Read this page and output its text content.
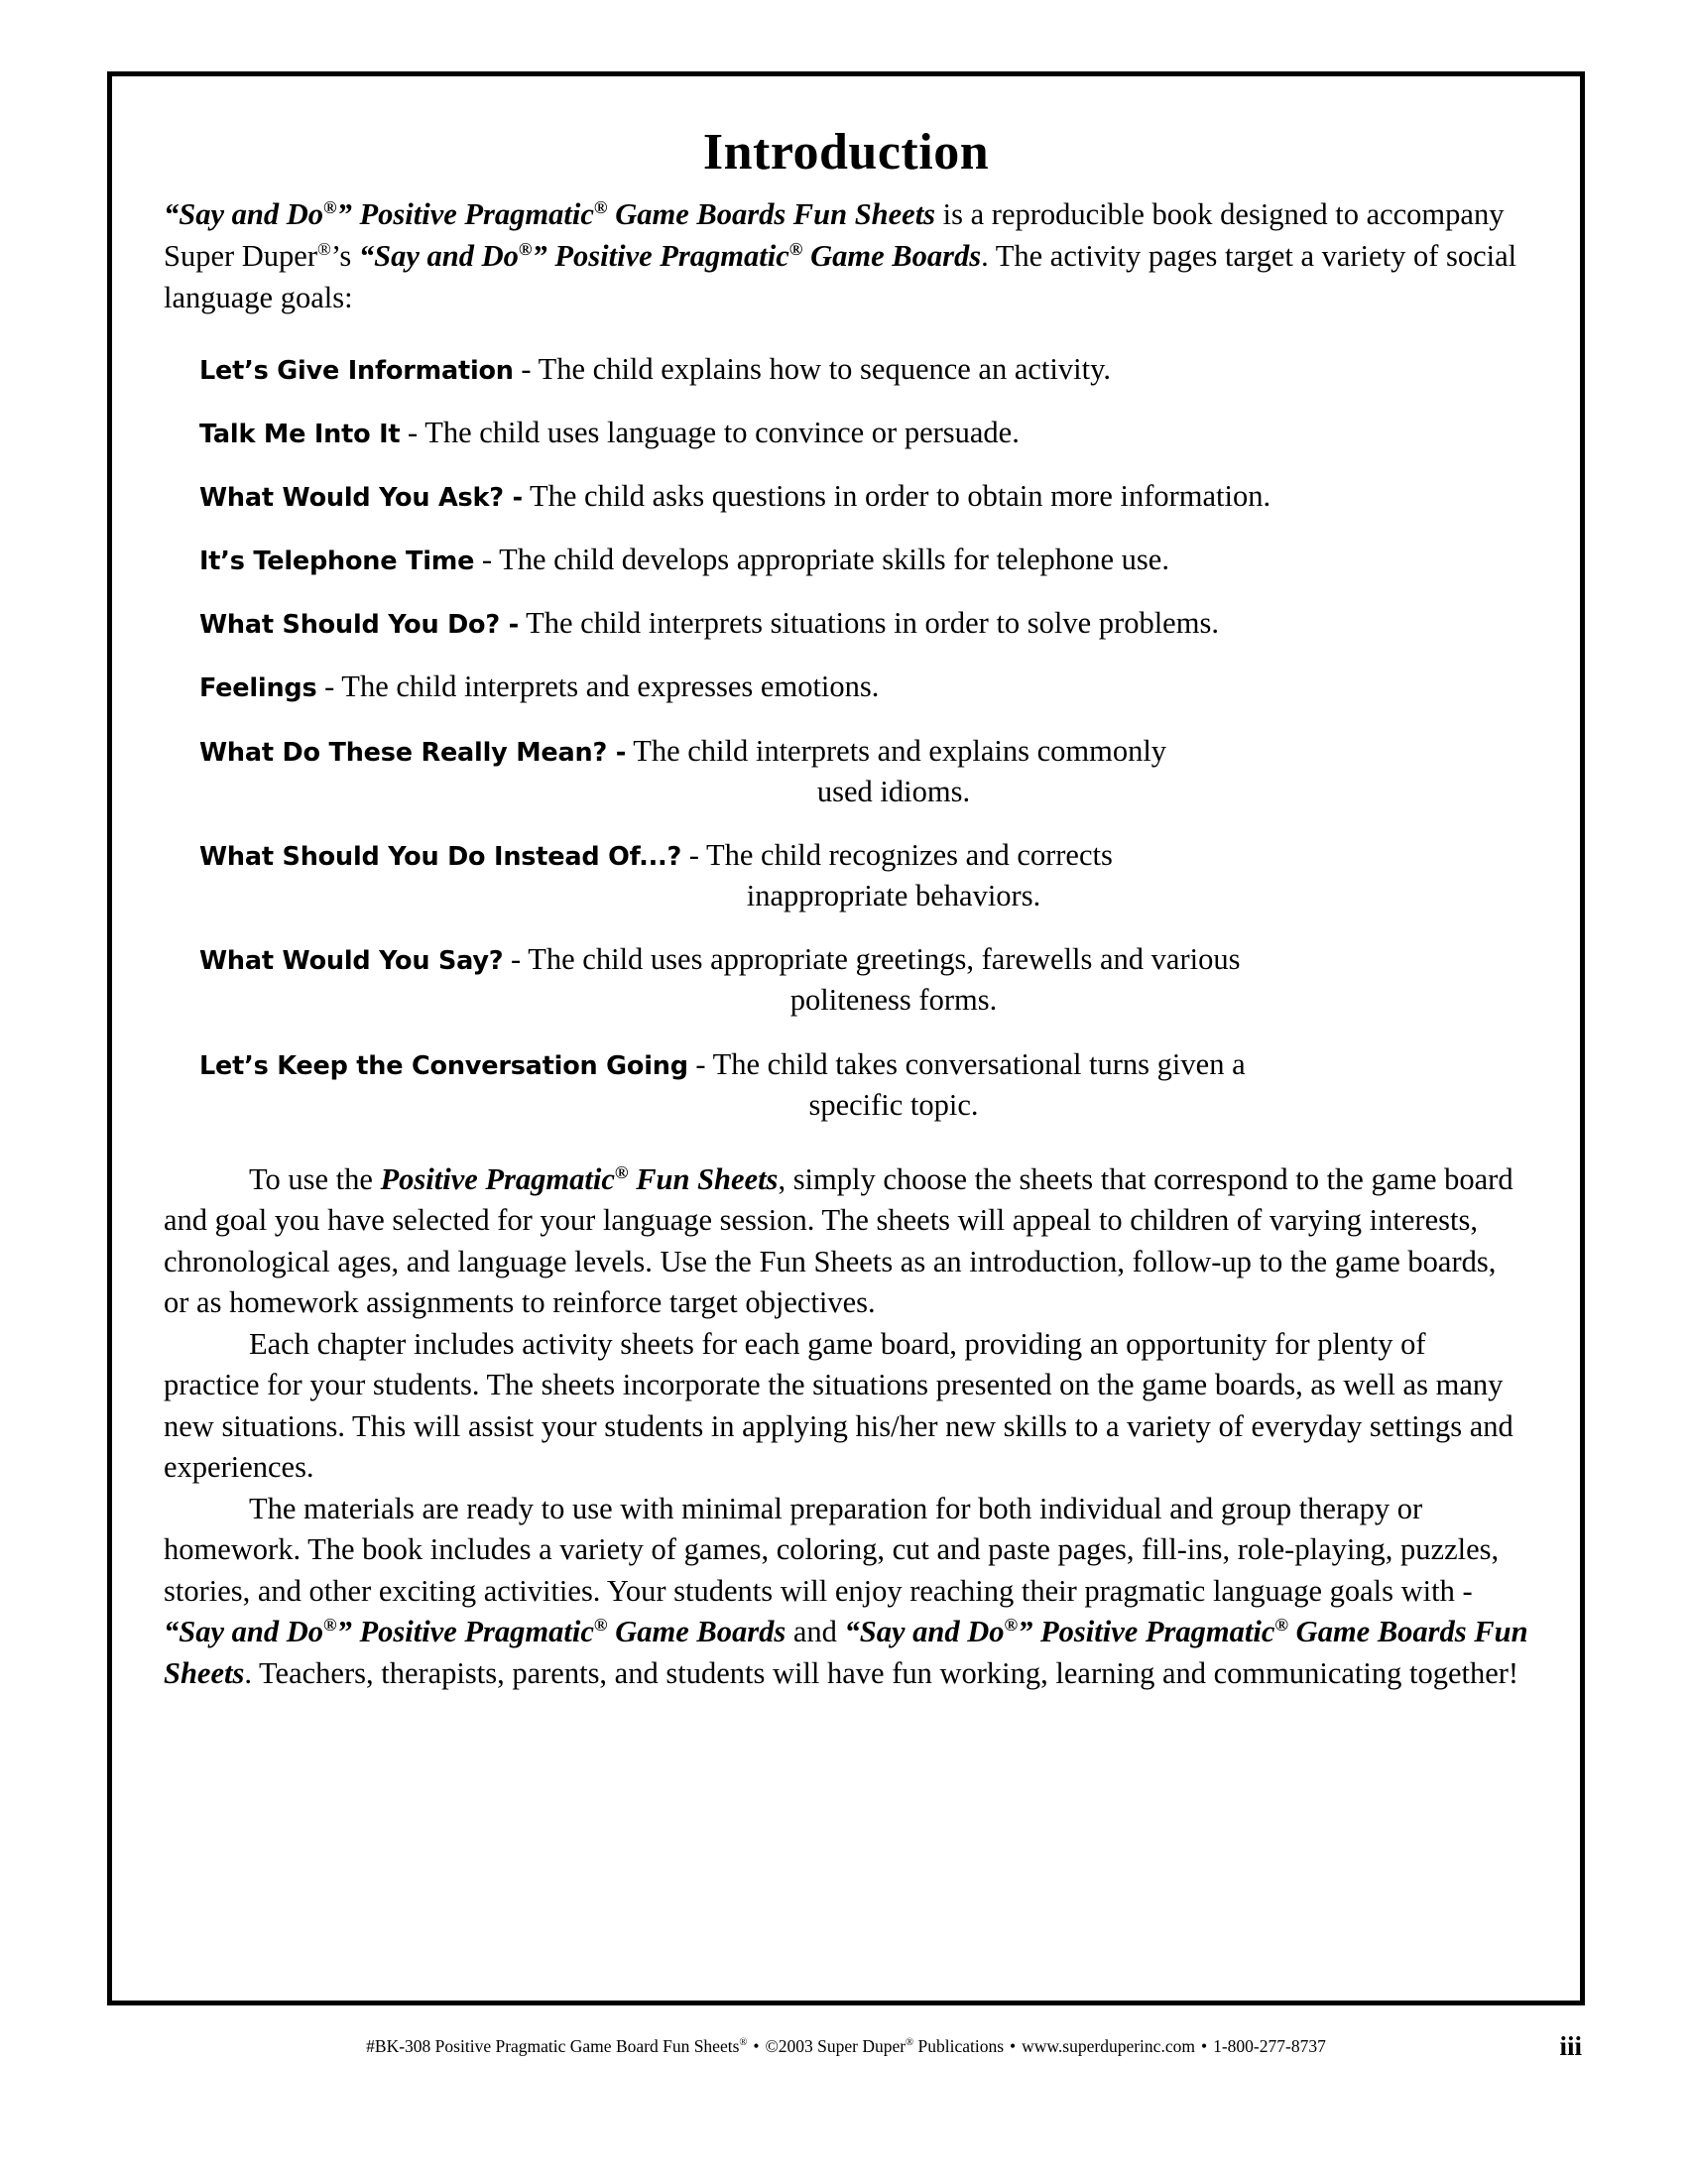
Introduction

“Say and Do®” Positive Pragmatic® Game Boards Fun Sheets is a reproducible book designed to accompany Super Duper®’s “Say and Do®” Positive Pragmatic® Game Boards. The activity pages target a variety of social language goals:

Let’s Give Information - The child explains how to sequence an activity.
Talk Me Into It - The child uses language to convince or persuade.
What Would You Ask? - The child asks questions in order to obtain more information.
It’s Telephone Time - The child develops appropriate skills for telephone use.
What Should You Do? - The child interprets situations in order to solve problems.
Feelings - The child interprets and expresses emotions.
What Do These Really Mean? - The child interprets and explains commonly
used idioms.
What Should You Do Instead Of...? - The child recognizes and corrects
inappropriate behaviors.
What Would You Say? - The child uses appropriate greetings, farewells and various
politeness forms.
Let’s Keep the Conversation Going - The child takes conversational turns given a
specific topic.

To use the Positive Pragmatic® Fun Sheets, simply choose the sheets that correspond to the game board and goal you have selected for your language session. The sheets will appeal to children of varying interests, chronological ages, and language levels. Use the Fun Sheets as an introduction, follow-up to the game boards, or as homework assignments to reinforce target objectives.

Each chapter includes activity sheets for each game board, providing an opportunity for plenty of practice for your students. The sheets incorporate the situations presented on the game boards, as well as many new situations. This will assist your students in applying his/her new skills to a variety of everyday settings and experiences.

The materials are ready to use with minimal preparation for both individual and group therapy or homework. The book includes a variety of games, coloring, cut and paste pages, fill-ins, role-playing, puzzles, stories, and other exciting activities. Your students will enjoy reaching their pragmatic language goals with - “Say and Do®” Positive Pragmatic® Game Boards and “Say and Do®” Positive Pragmatic® Game Boards Fun Sheets. Teachers, therapists, parents, and students will have fun working, learning and communicating together!

#BK-308 Positive Pragmatic Game Board Fun Sheets® • ©2003 Super Duper® Publications • www.superduperinc.com • 1-800-277-8737	iii
